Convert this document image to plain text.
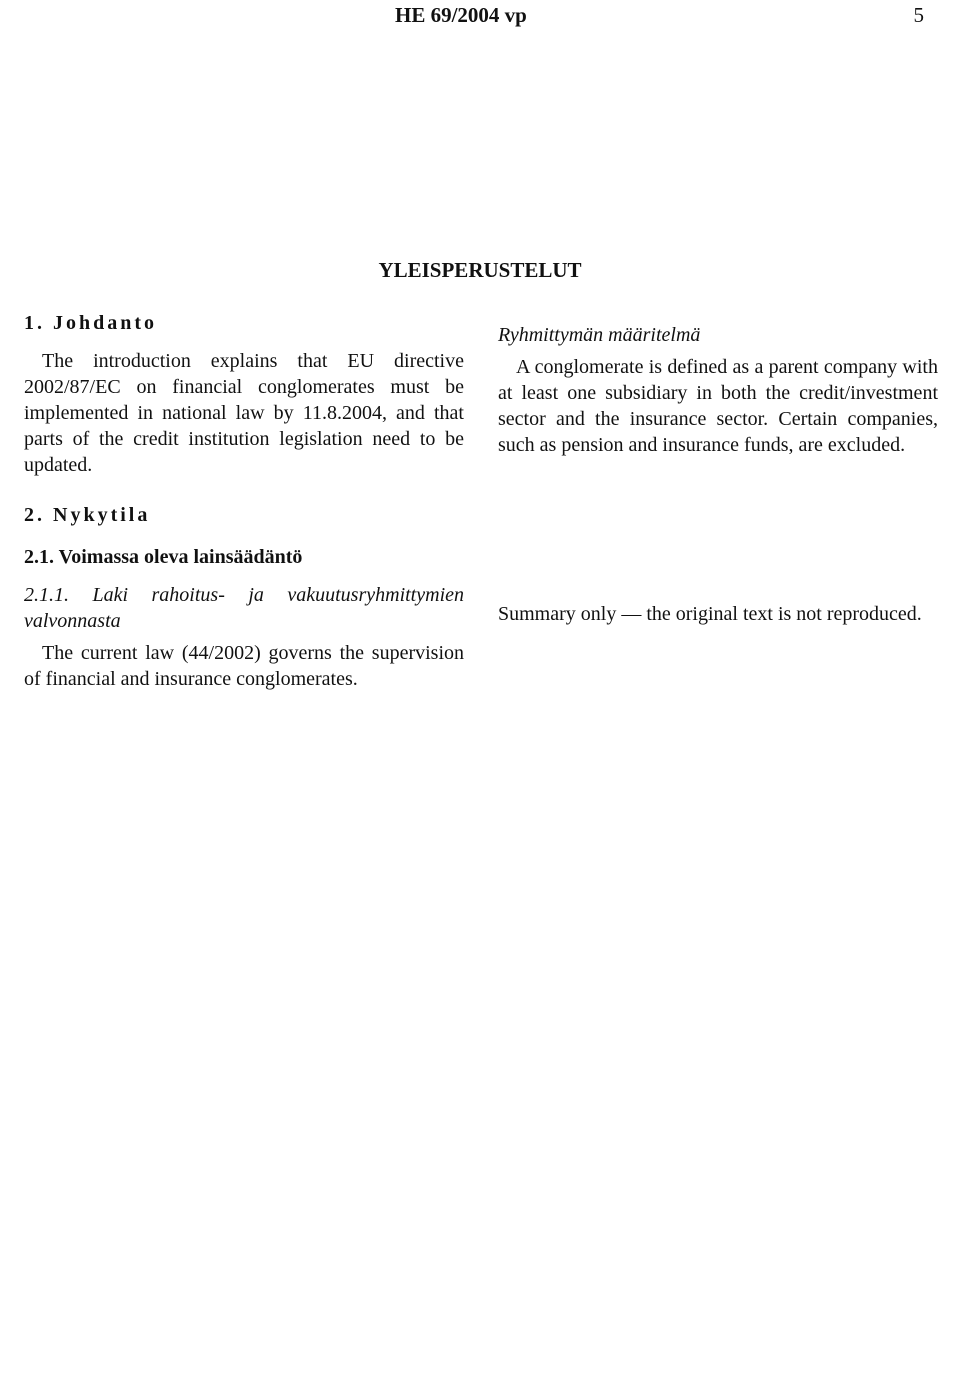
HE 69/2004 vp	5
YLEISPERUSTELUT
1. Johdanto

The introduction explains that EU directive 2002/87/EC on financial conglomerates must be implemented in national law by 11.8.2004, and that parts of the credit institution legislation need to be updated.

2. Nykytila
2.1. Voimassa oleva lainsäädäntö
2.1.1. Laki rahoitus- ja vakuutusryhmittymien valvonnasta

The current law (44/2002) governs the supervision of financial and insurance conglomerates.

Ryhmittymän määritelmä

A conglomerate is defined as a parent company with at least one subsidiary in both the credit/investment sector and the insurance sector. Certain companies, such as pension and insurance funds, are excluded.

Summary only — the original text is not reproduced.
